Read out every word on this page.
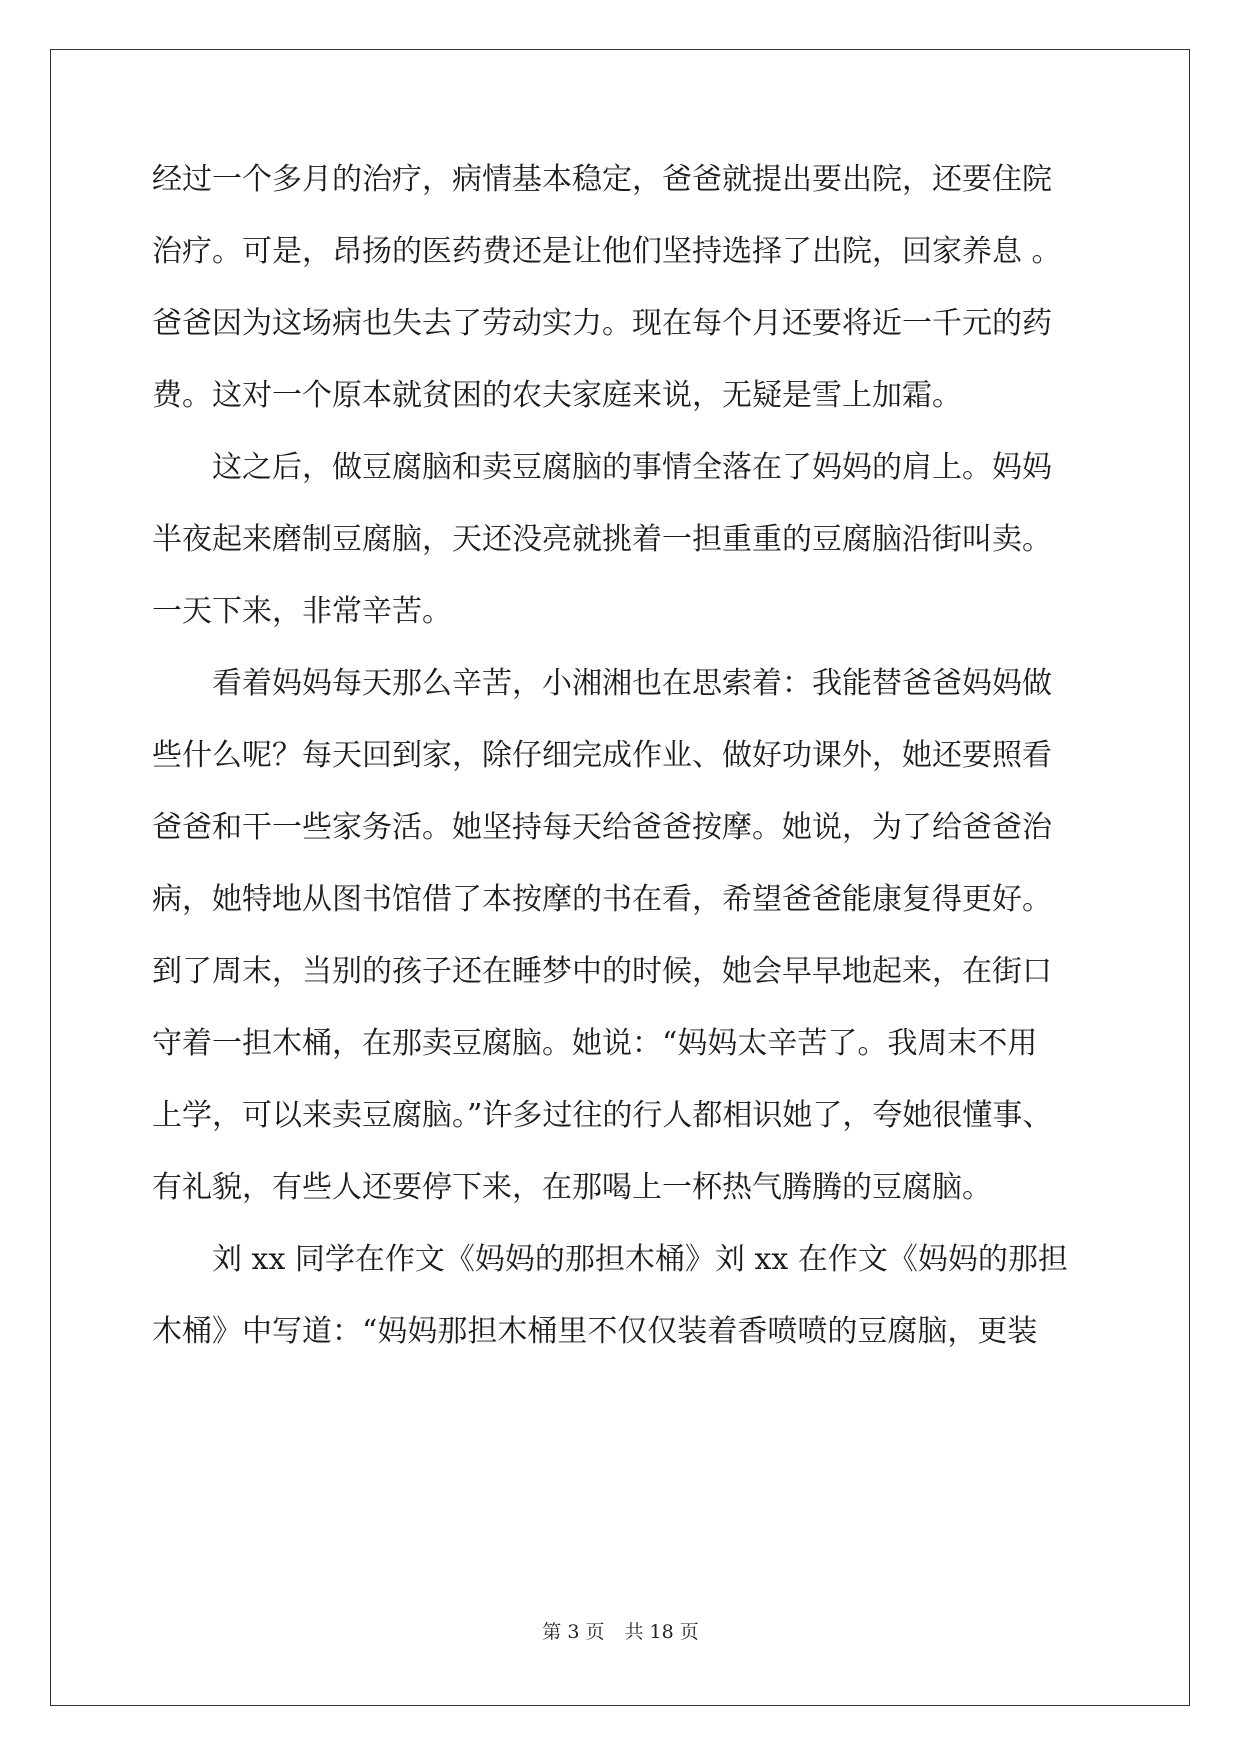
经过一个多月的治疗，病情基本稳定，爸爸就提出要出院，还要住院
治疗。可是，昂扬的医药费还是让他们坚持选择了出院，回家养息 。
爸爸因为这场病也失去了劳动实力。现在每个月还要将近一千元的药
费。这对一个原本就贫困的农夫家庭来说，无疑是雪上加霜。
　　这之后，做豆腐脑和卖豆腐脑的事情全落在了妈妈的肩上。妈妈
半夜起来磨制豆腐脑，天还没亮就挑着一担重重的豆腐脑沿街叫卖。
一天下来，非常辛苦。
　　看着妈妈每天那么辛苦，小湘湘也在思索着：我能替爸爸妈妈做
些什么呢？每天回到家，除仔细完成作业、做好功课外，她还要照看
爸爸和干一些家务活。她坚持每天给爸爸按摩。她说，为了给爸爸治
病，她特地从图书馆借了本按摩的书在看，希望爸爸能康复得更好。
到了周末，当别的孩子还在睡梦中的时候，她会早早地起来，在街口
守着一担木桶，在那卖豆腐脑。她说：“妈妈太辛苦了。我周末不用
上学，可以来卖豆腐脑。”许多过往的行人都相识她了，夸她很懂事、
有礼貌，有些人还要停下来，在那喝上一杯热气腾腾的豆腐脑。
　　刘 xx 同学在作文《妈妈的那担木桶》刘 xx 在作文《妈妈的那担
木桶》中写道：“妈妈那担木桶里不仅仅装着香喷喷的豆腐脑，更装
第 3 页 共 18 页
